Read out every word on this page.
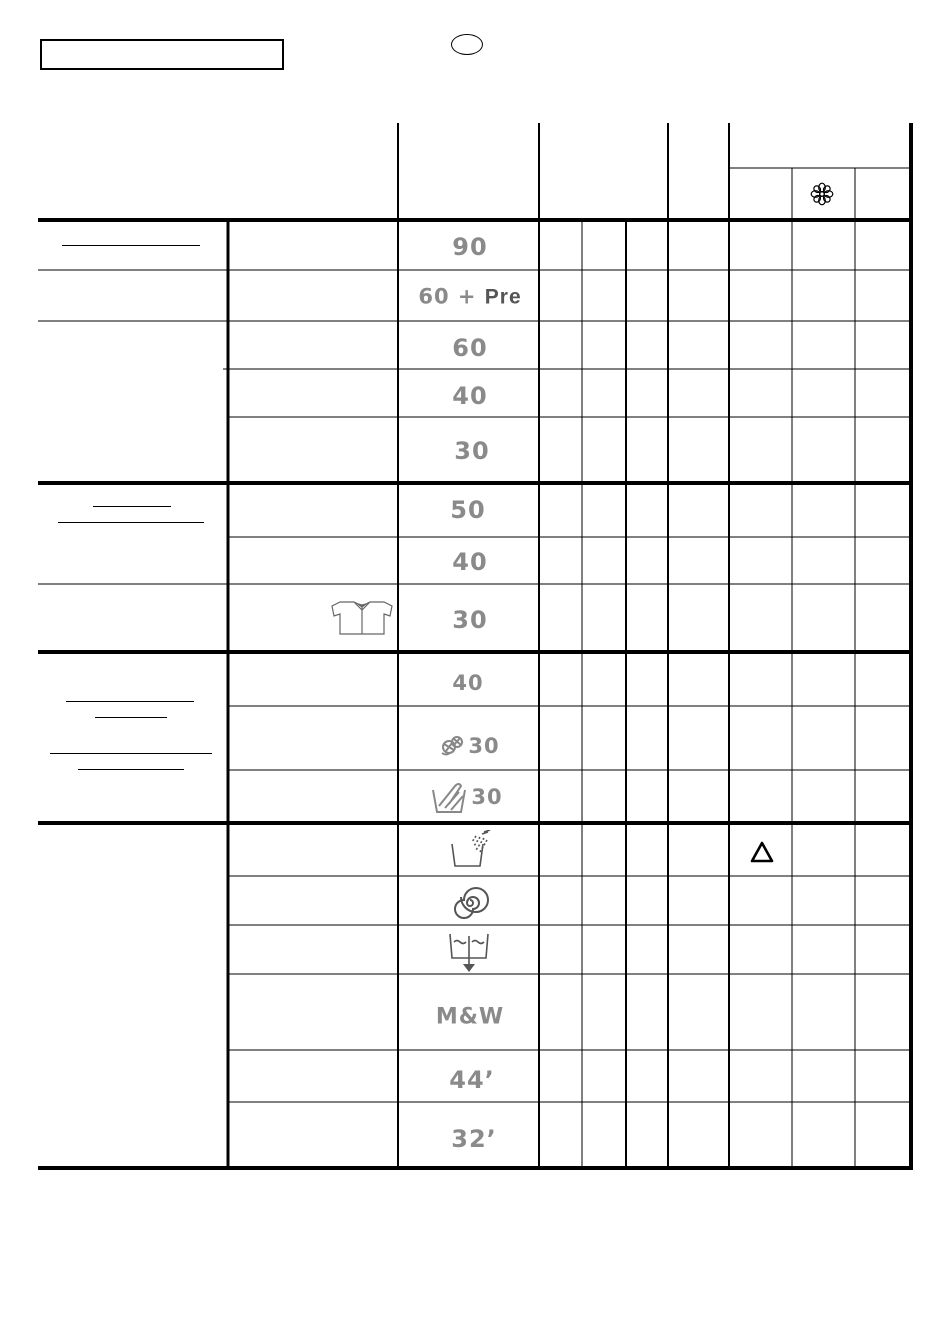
90
60 + Pre
60
40
30
50
40
30
40
30
30
M&W
44’
32’
